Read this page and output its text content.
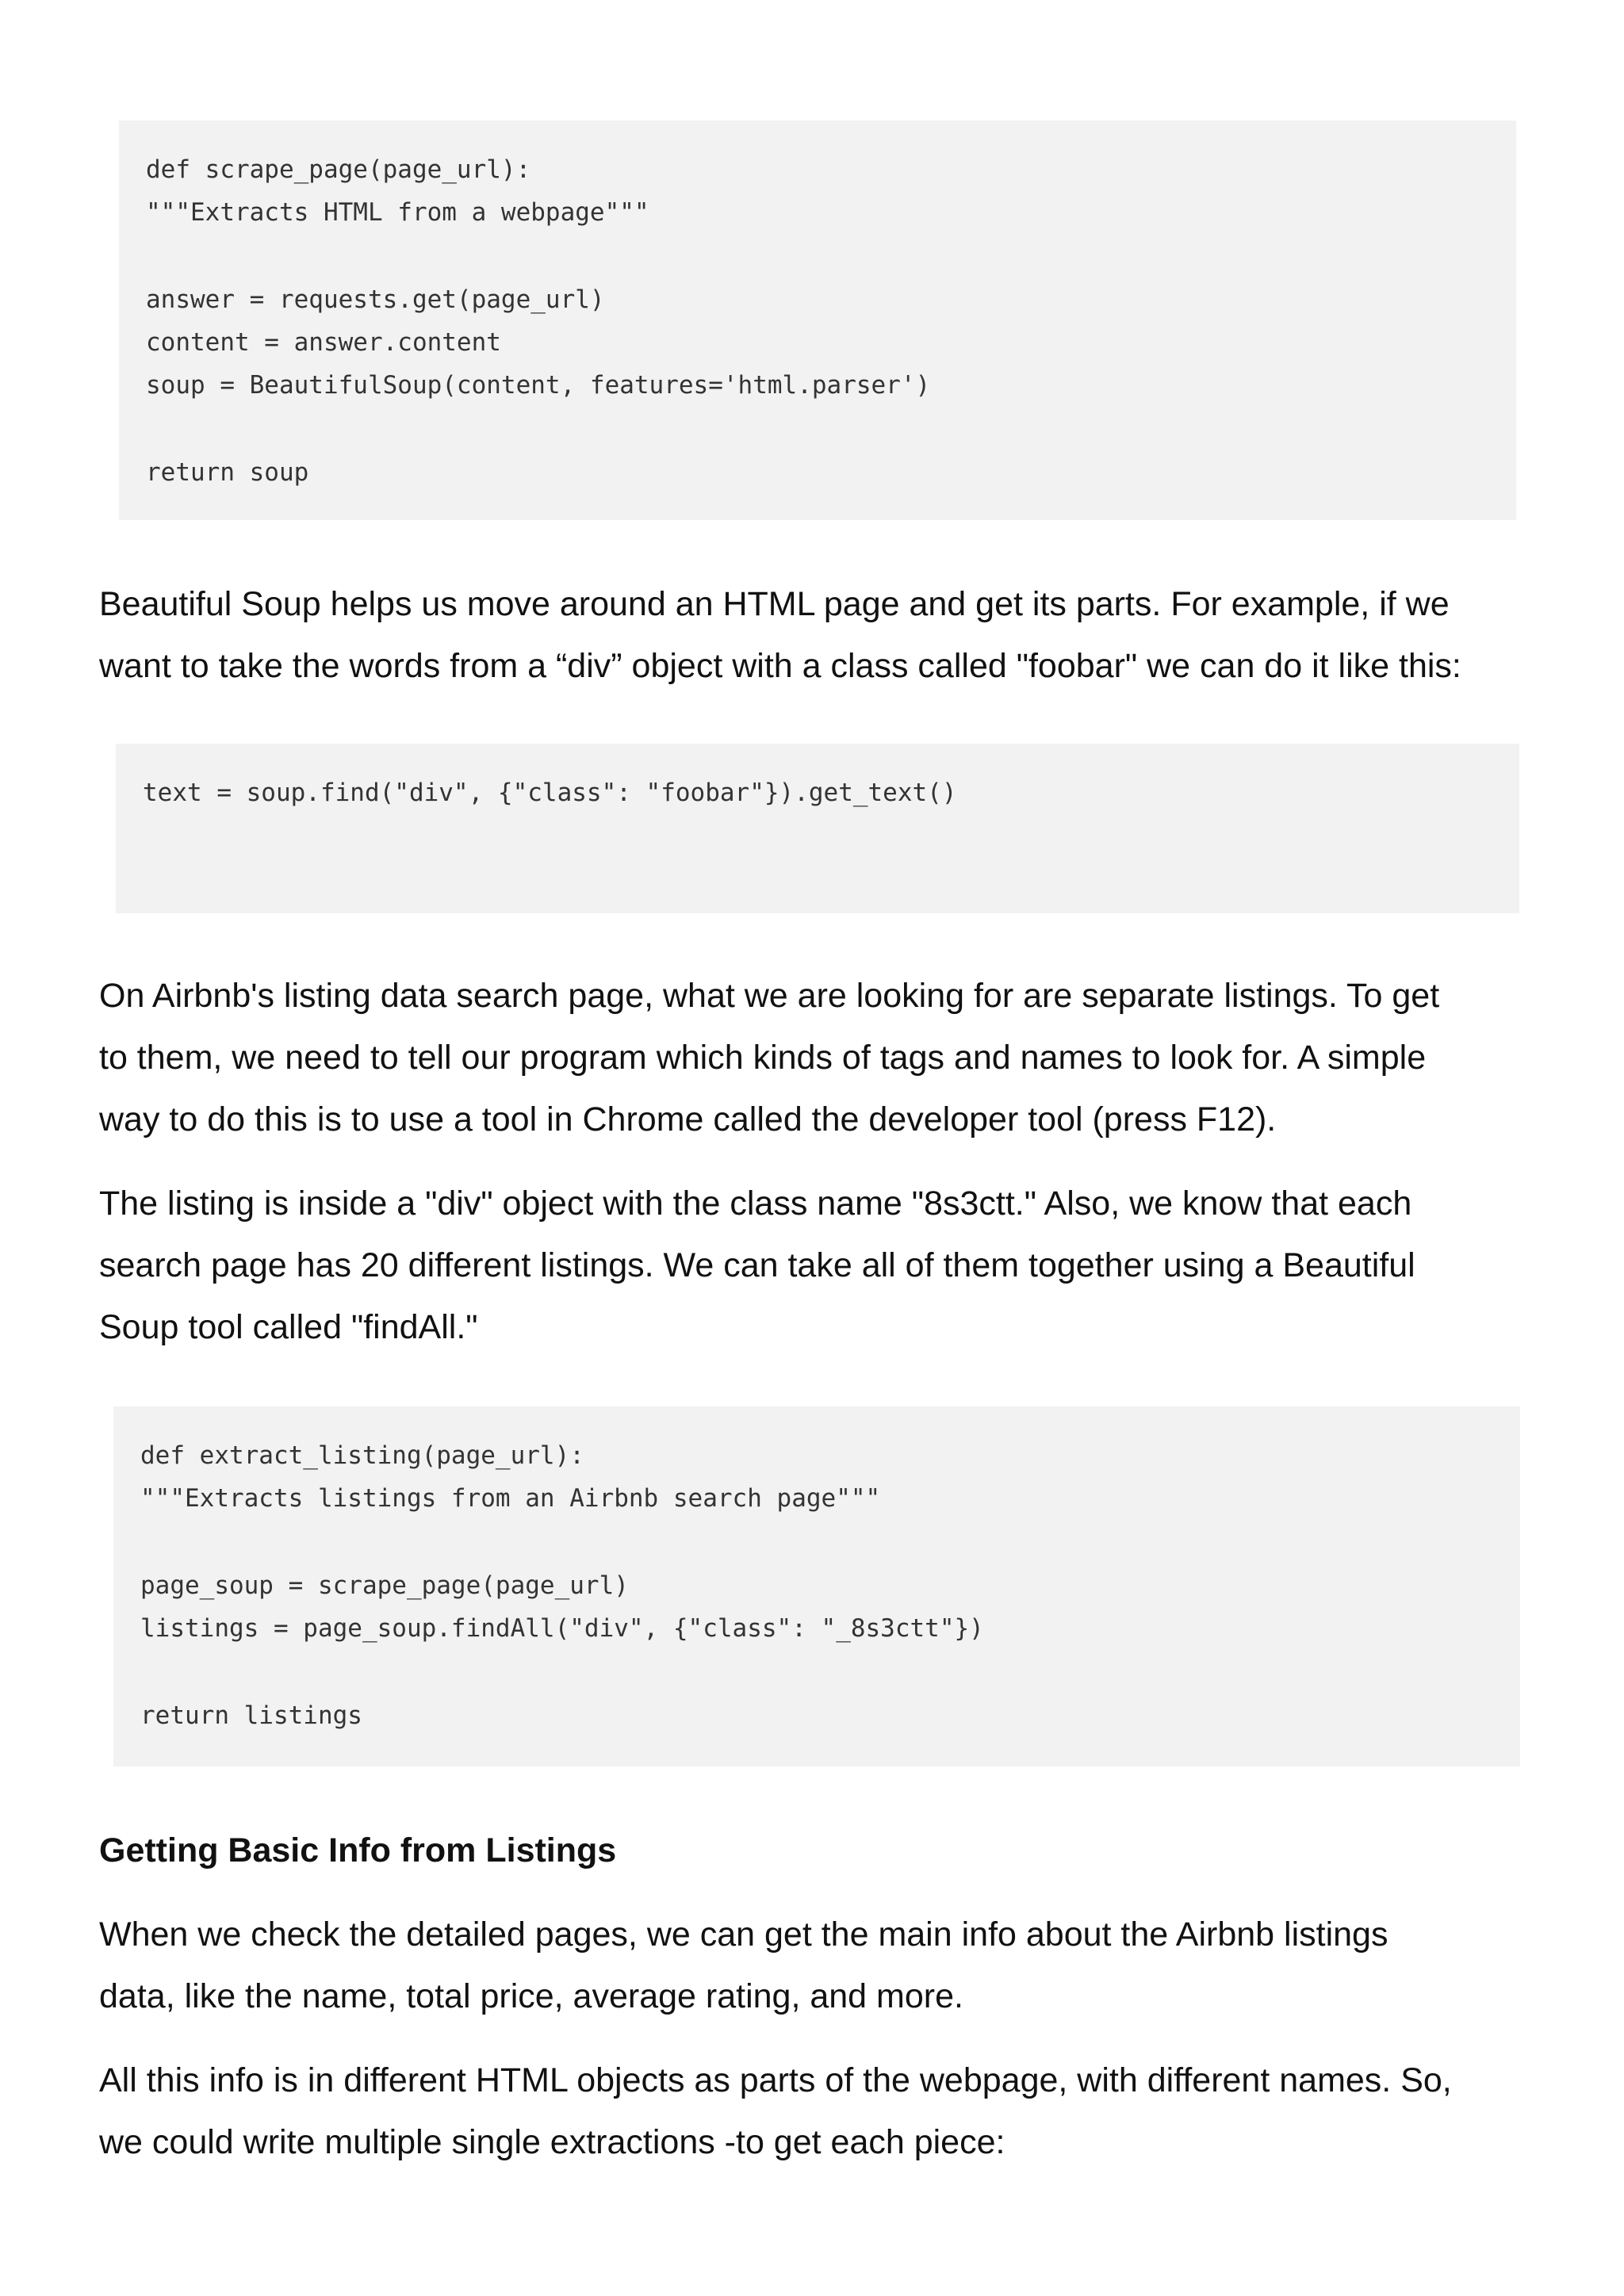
def scrape_page(page_url):
"""Extracts HTML from a webpage"""
answer = requests.get(page_url)
content = answer.content
soup = BeautifulSoup(content, features='html.parser')
return soup
Beautiful Soup helps us move around an HTML page and get its parts. For example, if we
want to take the words from a “div” object with a class called "foobar" we can do it like this:
text = soup.find("div", {"class": "foobar"}).get_text()
On Airbnb's listing data search page, what we are looking for are separate listings. To get
to them, we need to tell our program which kinds of tags and names to look for. A simple
way to do this is to use a tool in Chrome called the developer tool (press F12).
The listing is inside a "div" object with the class name "8s3ctt." Also, we know that each
search page has 20 different listings. We can take all of them together using a Beautiful
Soup tool called "findAll."
def extract_listing(page_url):
"""Extracts listings from an Airbnb search page"""
page_soup = scrape_page(page_url)
listings = page_soup.findAll("div", {"class": "_8s3ctt"})
return listings
Getting Basic Info from Listings
When we check the detailed pages, we can get the main info about the Airbnb listings
data, like the name, total price, average rating, and more.
All this info is in different HTML objects as parts of the webpage, with different names. So,
we could write multiple single extractions -to get each piece:
